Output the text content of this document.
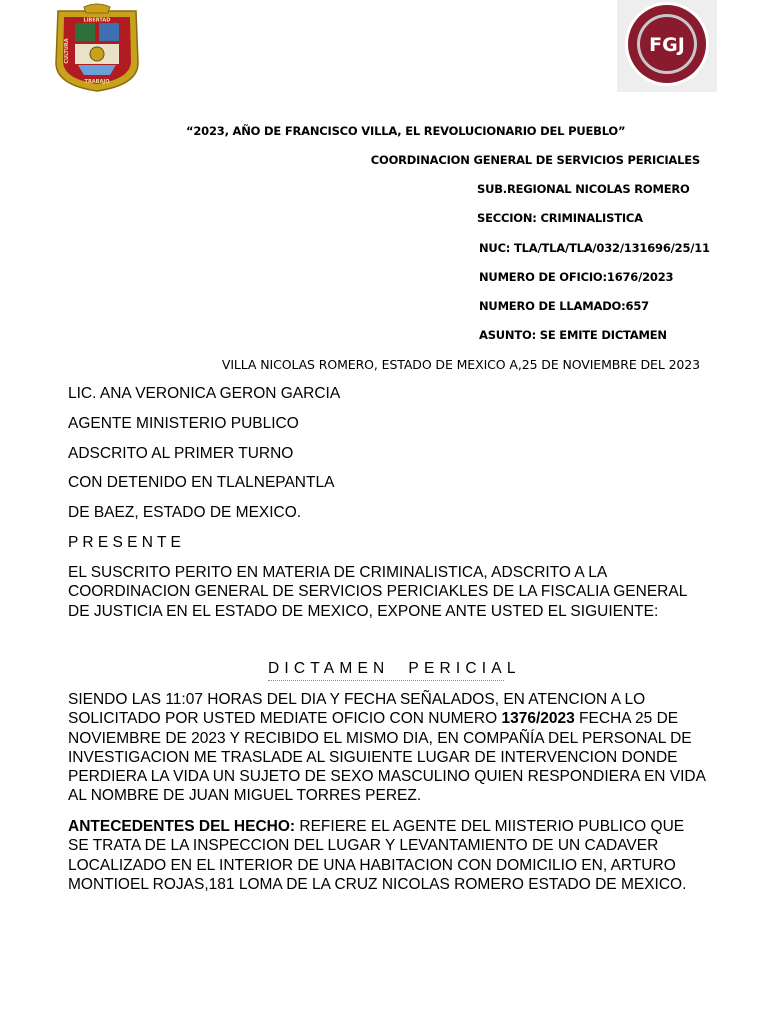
LIBERTAD
CULTURA
TRABAJO
FGJ
“2023, AÑO DE FRANCISCO VILLA, EL REVOLUCIONARIO DEL PUEBLO”
COORDINACION GENERAL DE SERVICIOS PERICIALES
SUB.REGIONAL NICOLAS ROMERO
SECCION: CRIMINALISTICA
NUC: TLA/TLA/TLA/032/131696/25/11
NUMERO DE OFICIO:1676/2023
NUMERO DE LLAMADO:657
ASUNTO: SE EMITE DICTAMEN
VILLA NICOLAS ROMERO, ESTADO DE MEXICO A,25 DE NOVIEMBRE DEL 2023
LIC. ANA VERONICA GERON GARCIA
AGENTE MINISTERIO PUBLICO
ADSCRITO AL PRIMER TURNO
CON DETENIDO EN TLALNEPANTLA
DE BAEZ, ESTADO DE MEXICO.
P R E S E N T E

EL SUSCRITO PERITO EN MATERIA DE CRIMINALISTICA, ADSCRITO A LA COORDINACION GENERAL DE SERVICIOS PERICIAKLES DE LA FISCALIA GENERAL DE JUSTICIA EN EL ESTADO DE MEXICO, EXPONE ANTE USTED EL SIGUIENTE:

DICTAMEN  PERICIAL

SIENDO LAS 11:07 HORAS DEL DIA Y FECHA SEÑALADOS, EN ATENCION A LO SOLICITADO POR USTED MEDIATE OFICIO CON NUMERO 1376/2023 FECHA 25 DE NOVIEMBRE DE 2023 Y RECIBIDO EL MISMO DIA, EN COMPAÑÍA DEL PERSONAL DE INVESTIGACION ME TRASLADE AL SIGUIENTE LUGAR DE INTERVENCION DONDE PERDIERA LA VIDA UN SUJETO DE SEXO MASCULINO QUIEN RESPONDIERA EN VIDA AL NOMBRE DE JUAN MIGUEL TORRES PEREZ.

ANTECEDENTES DEL HECHO: REFIERE EL AGENTE DEL MIISTERIO PUBLICO QUE SE TRATA DE LA INSPECCION DEL LUGAR Y LEVANTAMIENTO DE UN CADAVER LOCALIZADO EN EL INTERIOR DE UNA HABITACION CON DOMICILIO EN, ARTURO MONTIOEL ROJAS,181 LOMA DE LA CRUZ NICOLAS ROMERO ESTADO DE MEXICO.
